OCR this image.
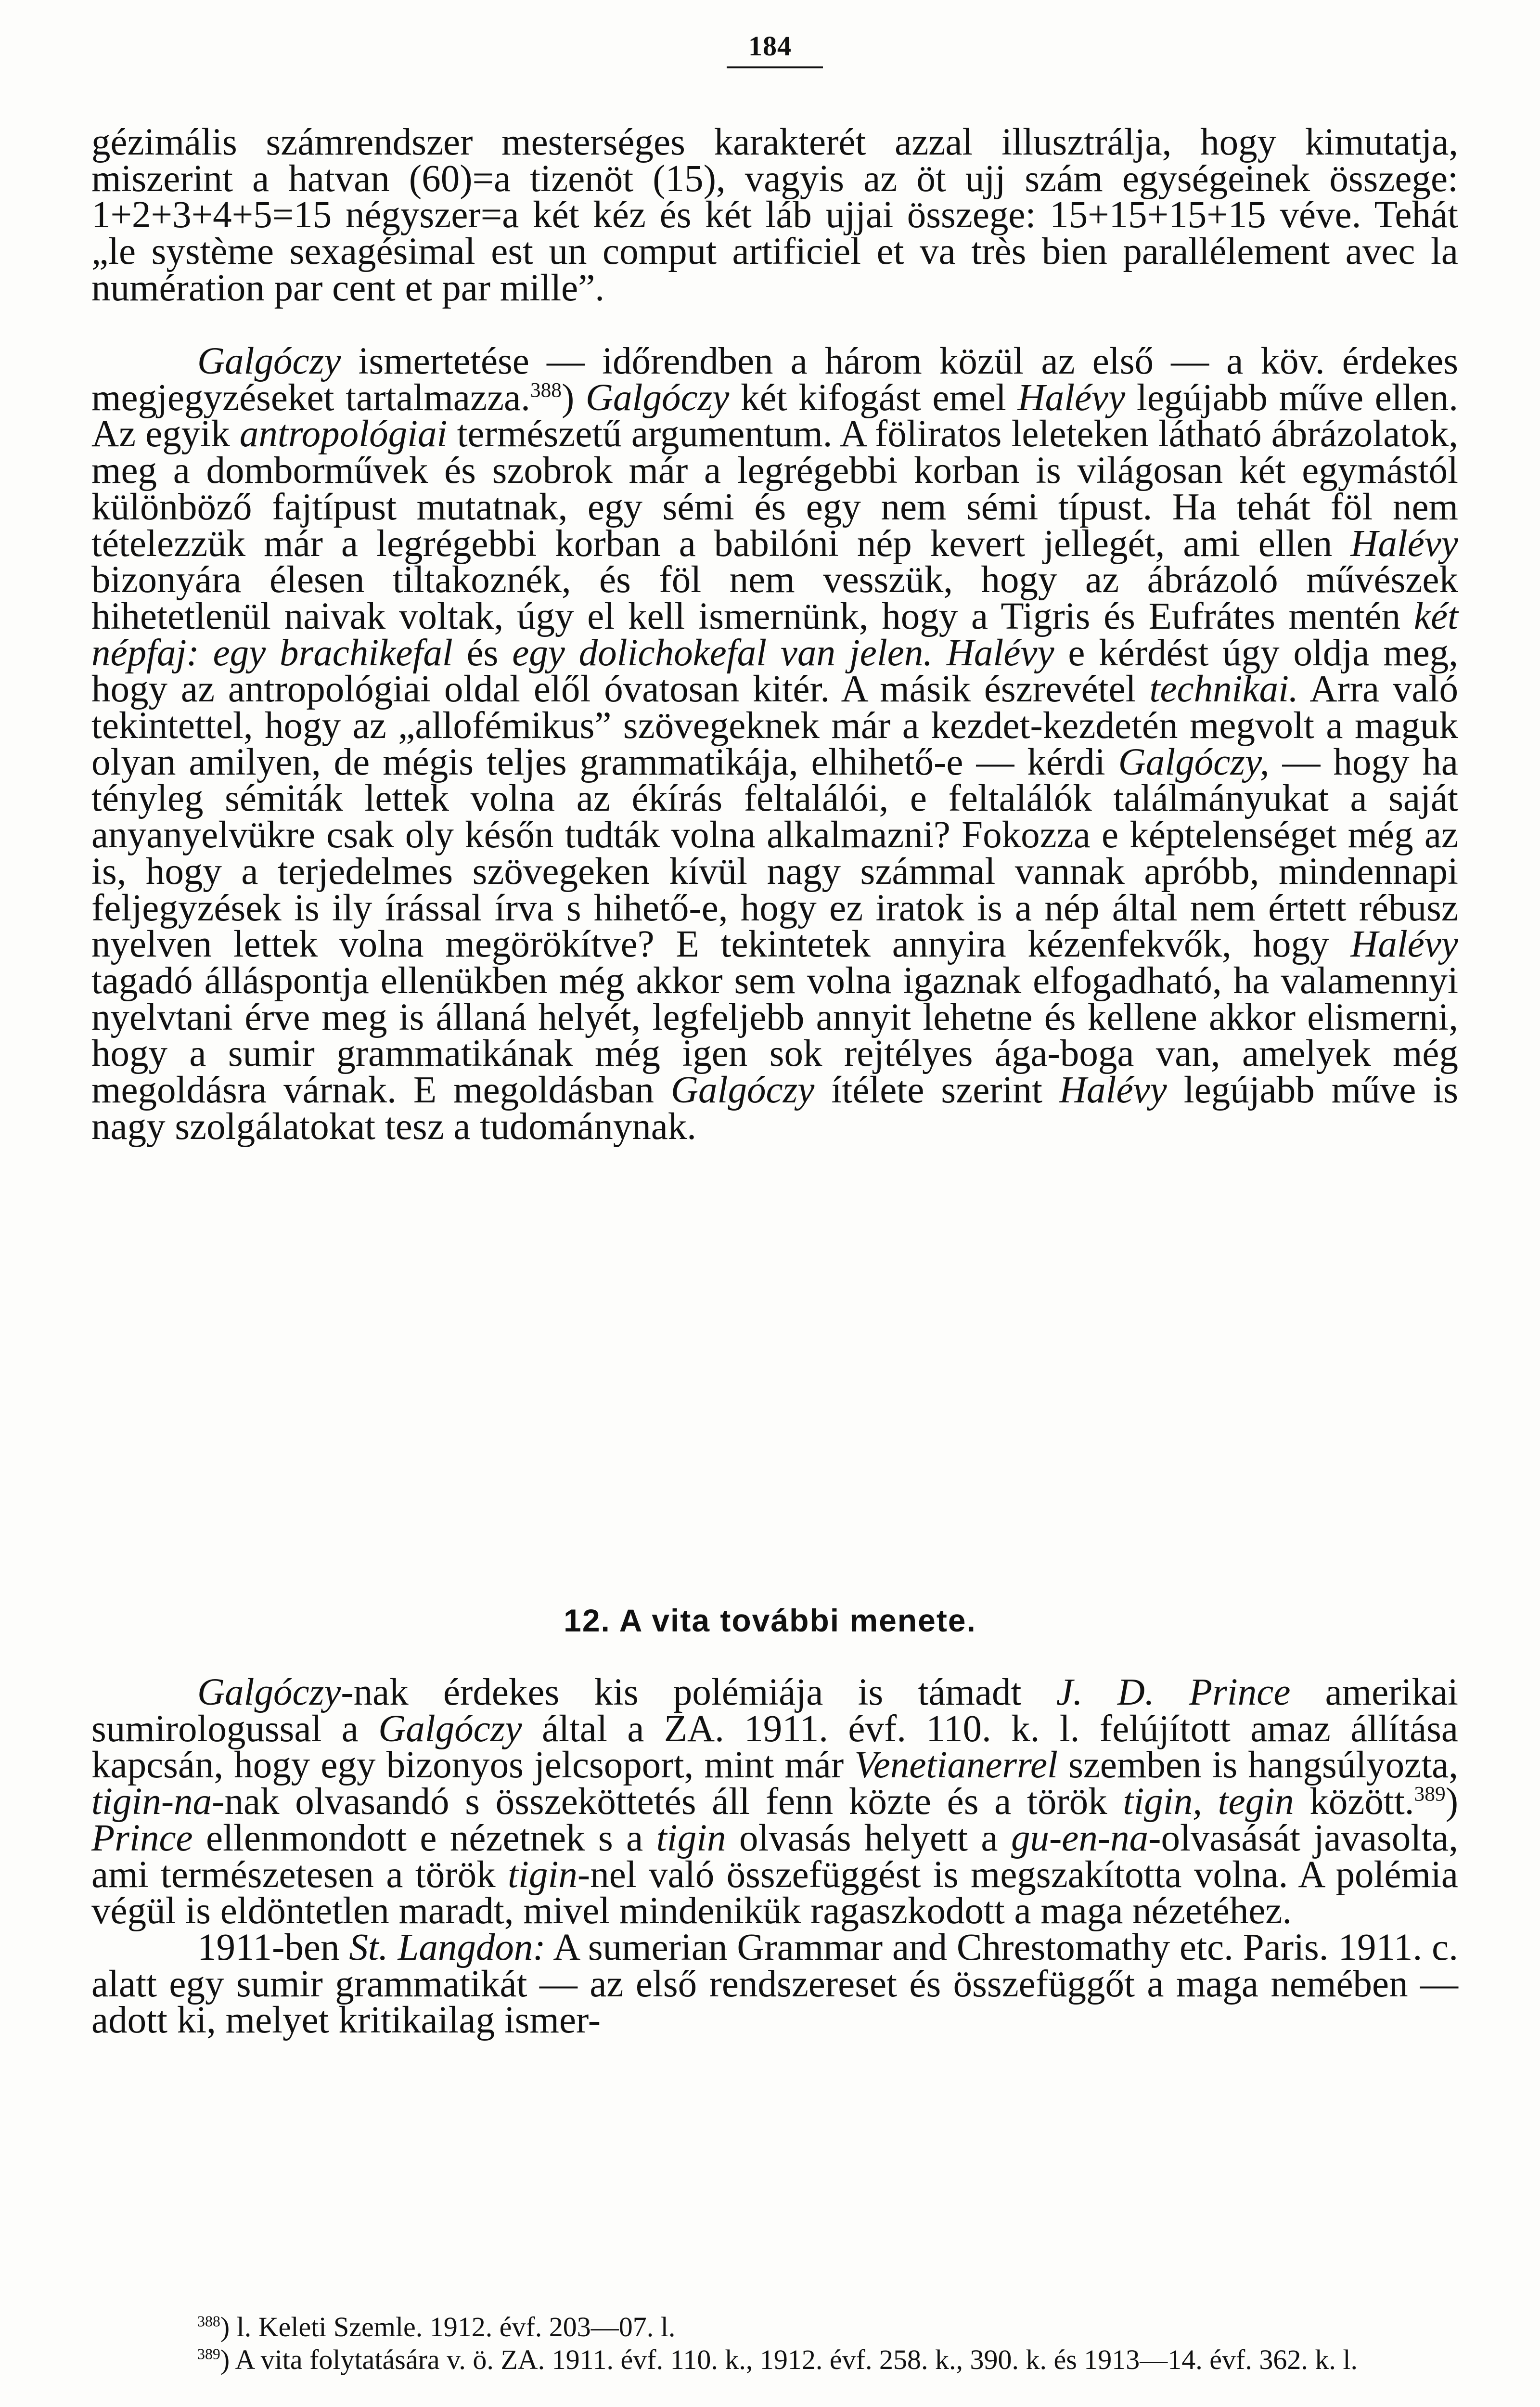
184

gézimális számrendszer mesterséges karakterét azzal illusztrálja, hogy kimutatja, miszerint a hatvan (60)=a tizenöt (15), vagyis az öt ujj szám egységeinek összege: 1+2+3+4+5=15 négyszer=a két kéz és két láb ujjai összege: 15+15+15+15 véve. Tehát „le système sexagésimal est un comput artificiel et va très bien parallélement avec la numération par cent et par mille”.

Galgóczy ismertetése — időrendben a három közül az első — a köv. érdekes megjegyzéseket tartalmazza.$^{388}$) Galgóczy két kifogást emel Halévy legújabb műve ellen. Az egyik antropológiai természetű argumentum. A föliratos leleteken látható ábrázolatok, meg a domborművek és szobrok már a legrégebbi korban is világosan két egymástól különböző fajtípust mutatnak, egy sémi és egy nem sémi típust. Ha tehát föl nem tételezzük már a legrégebbi korban a babilóni nép kevert jellegét, ami ellen Halévy bizonyára élesen tiltakoznék, és föl nem vesszük, hogy az ábrázoló művészek hihetetlenül naivak voltak, úgy el kell ismernünk, hogy a Tigris és Eufrátes mentén két népfaj: egy brachikefal és egy dolichokefal van jelen. Halévy e kérdést úgy oldja meg, hogy az antropológiai oldal elől óvatosan kitér. A másik észrevétel technikai. Arra való tekintettel, hogy az „allofémikus” szövegeknek már a kezdet-kezdetén megvolt a maguk olyan amilyen, de mégis teljes grammatikája, elhihető-e — kérdi Galgóczy, — hogy ha tényleg sémiták lettek volna az ékírás feltalálói, e feltalálók találmányukat a saját anyanyelvükre csak oly későn tudták volna alkalmazni? Fokozza e képtelenséget még az is, hogy a terjedelmes szövegeken kívül nagy számmal vannak apróbb, mindennapi feljegyzések is ily írással írva s hihető-e, hogy ez iratok is a nép által nem értett rébusz nyelven lettek volna megörökítve? E tekintetek annyira kézenfekvők, hogy Halévy tagadó álláspontja ellenükben még akkor sem volna igaznak elfogadható, ha valamennyi nyelvtani érve meg is állaná helyét, legfeljebb annyit lehetne és kellene akkor elismerni, hogy a sumir grammatikának még igen sok rejtélyes ága-boga van, amelyek még megoldásra várnak. E megoldásban Galgóczy ítélete szerint Halévy legújabb műve is nagy szolgálatokat tesz a tudománynak.

12. A vita további menete.

Galgóczy-nak érdekes kis polémiája is támadt J. D. Prince amerikai sumirologussal a Galgóczy által a ZA. 1911. évf. 110. k. l. felújított amaz állítása kapcsán, hogy egy bizonyos jelcsoport, mint már Venetianerrel szemben is hangsúlyozta, tigin-na-nak olvasandó s összeköttetés áll fenn közte és a török tigin, tegin között.$^{389}$) Prince ellenmondott e nézetnek s a tigin olvasás helyett a gu-en-na-olvasását javasolta, ami természetesen a török tigin-nel való összefüggést is megszakította volna. A polémia végül is eldöntetlen maradt, mivel mindenikük ragaszkodott a maga nézetéhez.

1911-ben St. Langdon: A sumerian Grammar and Chrestomathy etc. Paris. 1911. c. alatt egy sumir grammatikát — az első rendszereset és összefüggőt a maga nemében — adott ki, melyet kritikailag ismer-

$^{388}$) l. Keleti Szemle. 1912. évf. 203—07. l.

$^{389}$) A vita folytatására v. ö. ZA. 1911. évf. 110. k., 1912. évf. 258. k., 390. k. és 1913—14. évf. 362. k. l.
